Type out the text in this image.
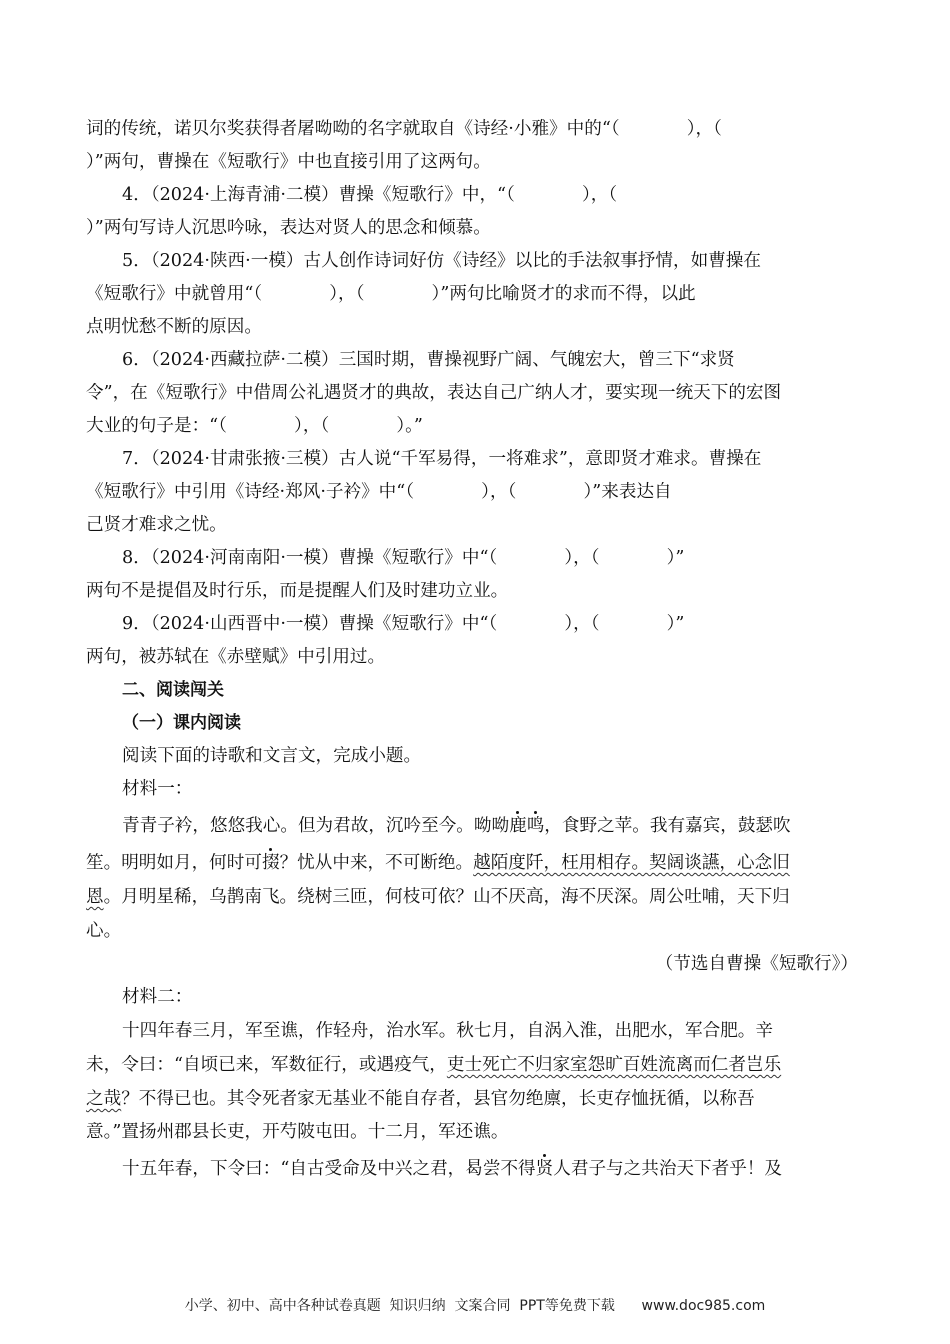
词的传统，诺贝尔奖获得者屠呦呦的名字就取自《诗经·小雅》中的“（            ），（
）”两句，曹操在《短歌行》中也直接引用了这两句。
4．（2024·上海青浦·二模）曹操《短歌行》中，“（            ），（
）”两句写诗人沉思吟咏，表达对贤人的思念和倾慕。
5．（2024·陕西·一模）古人创作诗词好仿《诗经》以比的手法叙事抒情，如曹操在
《短歌行》中就曾用“（            ），（            ）”两句比喻贤才的求而不得，以此
点明忧愁不断的原因。
6．（2024·西藏拉萨·二模）三国时期，曹操视野广阔、气魄宏大，曾三下“求贤
令”，在《短歌行》中借周公礼遇贤才的典故，表达自己广纳人才，要实现一统天下的宏图
大业的句子是：“（            ），（            ）。”
7．（2024·甘肃张掖·三模）古人说“千军易得，一将难求”，意即贤才难求。曹操在
《短歌行》中引用《诗经·郑风·子衿》中“（            ），（            ）”来表达自
己贤才难求之忧。
8．（2024·河南南阳·一模）曹操《短歌行》中“（            ），（            ）”
两句不是提倡及时行乐，而是提醒人们及时建功立业。
9．（2024·山西晋中·一模）曹操《短歌行》中“（            ），（            ）”
两句，被苏轼在《赤壁赋》中引用过。
二、阅读闯关
（一）课内阅读
阅读下面的诗歌和文言文，完成小题。
材料一：
青青子衿，悠悠我心。但为君故，沉吟至今。呦呦鹿鸣，食野之苹。我有嘉宾，鼓瑟吹
笙。明明如月，何时可掇？忧从中来，不可断绝。越陌度阡，枉用相存。契阔谈讌，心念旧
恩。月明星稀，乌鹊南飞。绕树三匝，何枝可依？山不厌高，海不厌深。周公吐哺，天下归
心。
（节选自曹操《短歌行》）
材料二：
十四年春三月，军至谯，作轻舟，治水军。秋七月，自涡入淮，出肥水，军合肥。辛
未，令曰：“自顷已来，军数征行，或遇疫气，吏士死亡不归家室怨旷百姓流离而仁者岂乐
之哉？不得已也。其令死者家无基业不能自存者，县官勿绝廪，长吏存恤抚循，以称吾
意。”置扬州郡县长吏，开芍陂屯田。十二月，军还谯。
十五年春，下令曰：“自古受命及中兴之君，曷尝不得贤人君子与之共治天下者乎！及
小学、初中、高中各种试卷真题  知识归纳  文案合同  PPT等免费下载      www.doc985.com
